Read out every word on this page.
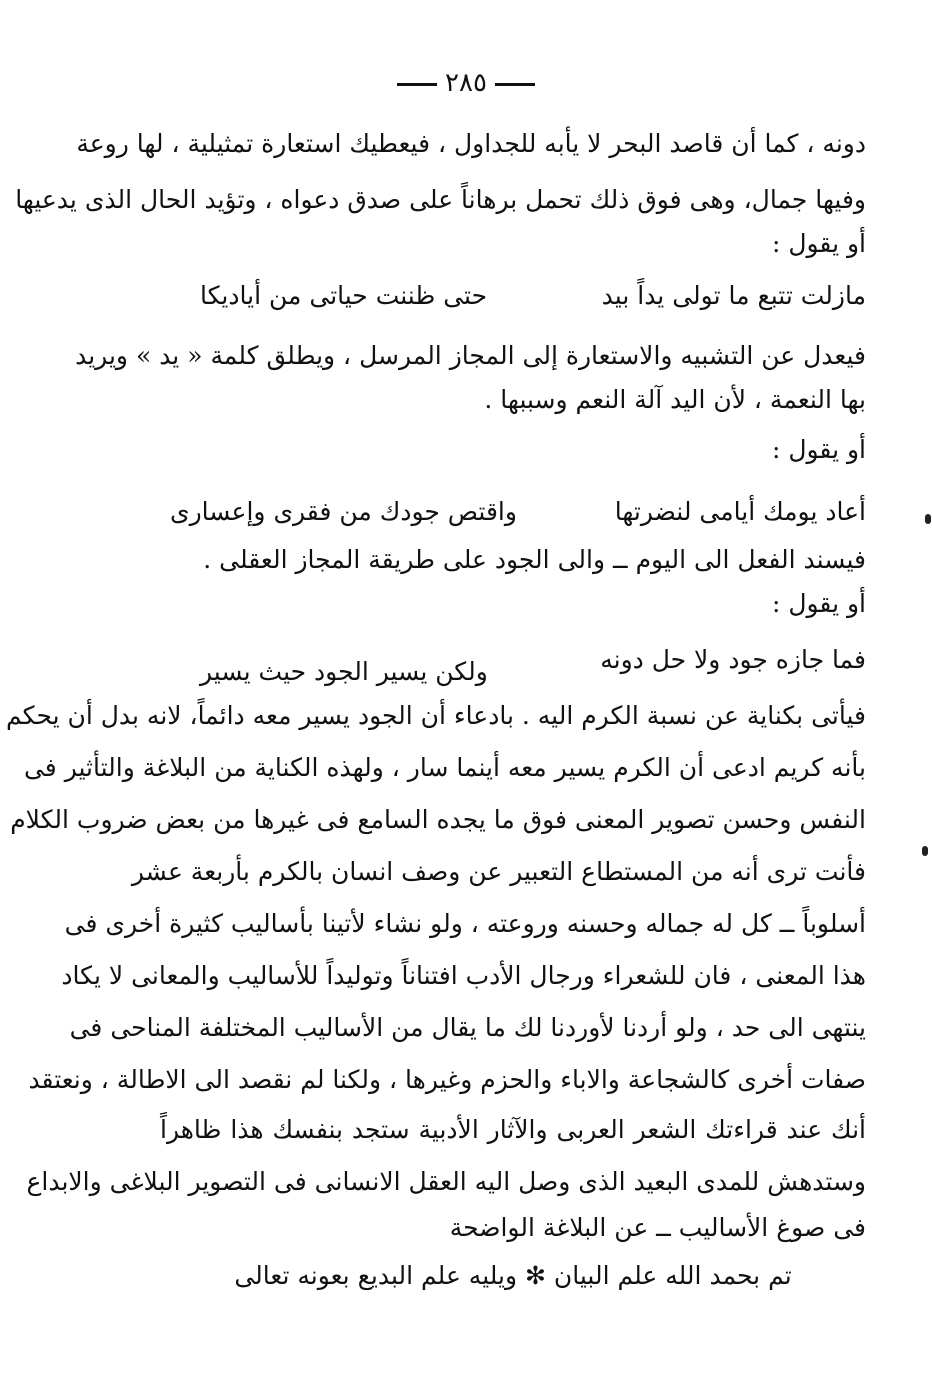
٢٨٥
دونه ، كما أن قاصد البحر لا يأبه للجداول ، فيعطيك استعارة تمثيلية ، لها روعة
وفيها جمال، وهى فوق ذلك تحمل برهاناً على صدق دعواه ، وتؤيد الحال الذى يدعيها
أو يقول :
مازلت تتبع ما تولى يداً بيد
حتى ظننت حياتى من أياديكا
فيعدل عن التشبيه والاستعارة إلى المجاز المرسل ، ويطلق كلمة « يد » ويريد
بها النعمة ، لأن اليد آلة النعم وسببها .
أو يقول :
أعاد يومك أيامى لنضرتها
واقتص جودك من فقرى وإعسارى
فيسند الفعل الى اليوم ــ والى الجود على طريقة المجاز العقلى .
أو يقول :
فما جازه جود ولا حل دونه
ولكن يسير الجود حيث يسير
فيأتى بكناية عن نسبة الكرم اليه . بادعاء أن الجود يسير معه دائماً، لانه بدل أن يحكم
بأنه كريم ادعى أن الكرم يسير معه أينما سار ، ولهذه الكناية من البلاغة والتأثير فى
النفس وحسن تصوير المعنى فوق ما يجده السامع فى غيرها من بعض ضروب الكلام
فأنت ترى أنه من المستطاع التعبير عن وصف انسان بالكرم بأربعة عشر
أسلوباً ــ كل له جماله وحسنه وروعته ، ولو نشاء لأتينا بأساليب كثيرة أخرى فى
هذا المعنى ، فان للشعراء ورجال الأدب افتناناً وتوليداً للأساليب والمعانى لا يكاد
ينتهى الى حد ، ولو أردنا لأوردنا لك ما يقال من الأساليب المختلفة المناحى فى
صفات أخرى كالشجاعة والاباء والحزم وغيرها ، ولكنا لم نقصد الى الاطالة ، ونعتقد
أنك عند قراءتك الشعر العربى والآثار الأدبية ستجد بنفسك هذا ظاهراً
وستدهش للمدى البعيد الذى وصل اليه العقل الانسانى فى التصوير البلاغى والابداع
فى صوغ الأساليب ــ عن البلاغة الواضحة
تم بحمد الله علم البيان ✻ ويليه علم البديع بعونه تعالى
